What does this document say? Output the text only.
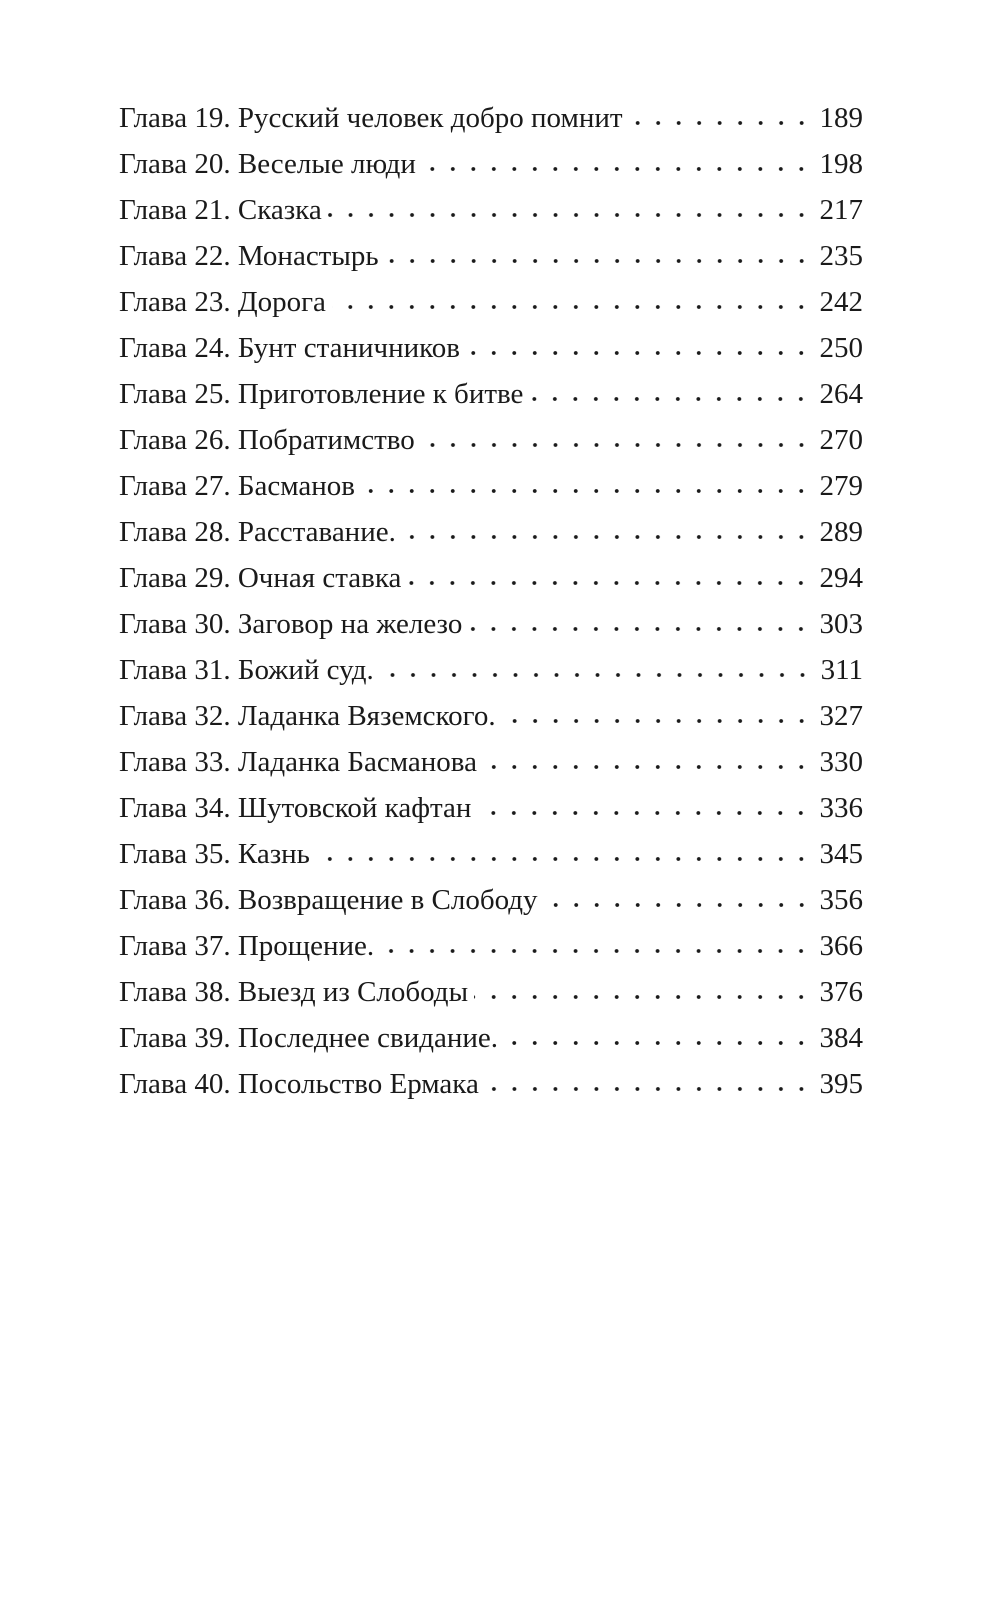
Глава 19. Русский человек добро помнит	189
Глава 20. Веселые люди	198
Глава 21. Сказка	217
Глава 22. Монастырь	235
Глава 23. Дорога	242
Глава 24. Бунт станичников	250
Глава 25. Приготовление к битве	264
Глава 26. Побратимство	270
Глава 27. Басманов	279
Глава 28. Расставание.	289
Глава 29. Очная ставка	294
Глава 30. Заговор на железо	303
Глава 31. Божий суд.	311
Глава 32. Ладанка Вяземского.	327
Глава 33. Ладанка Басманова	330
Глава 34. Шутовской кафтан	336
Глава 35. Казнь	345
Глава 36. Возвращение в Слободу	356
Глава 37. Прощение.	366
Глава 38. Выезд из Слободы	376
Глава 39. Последнее свидание.	384
Глава 40. Посольство Ермака	395
